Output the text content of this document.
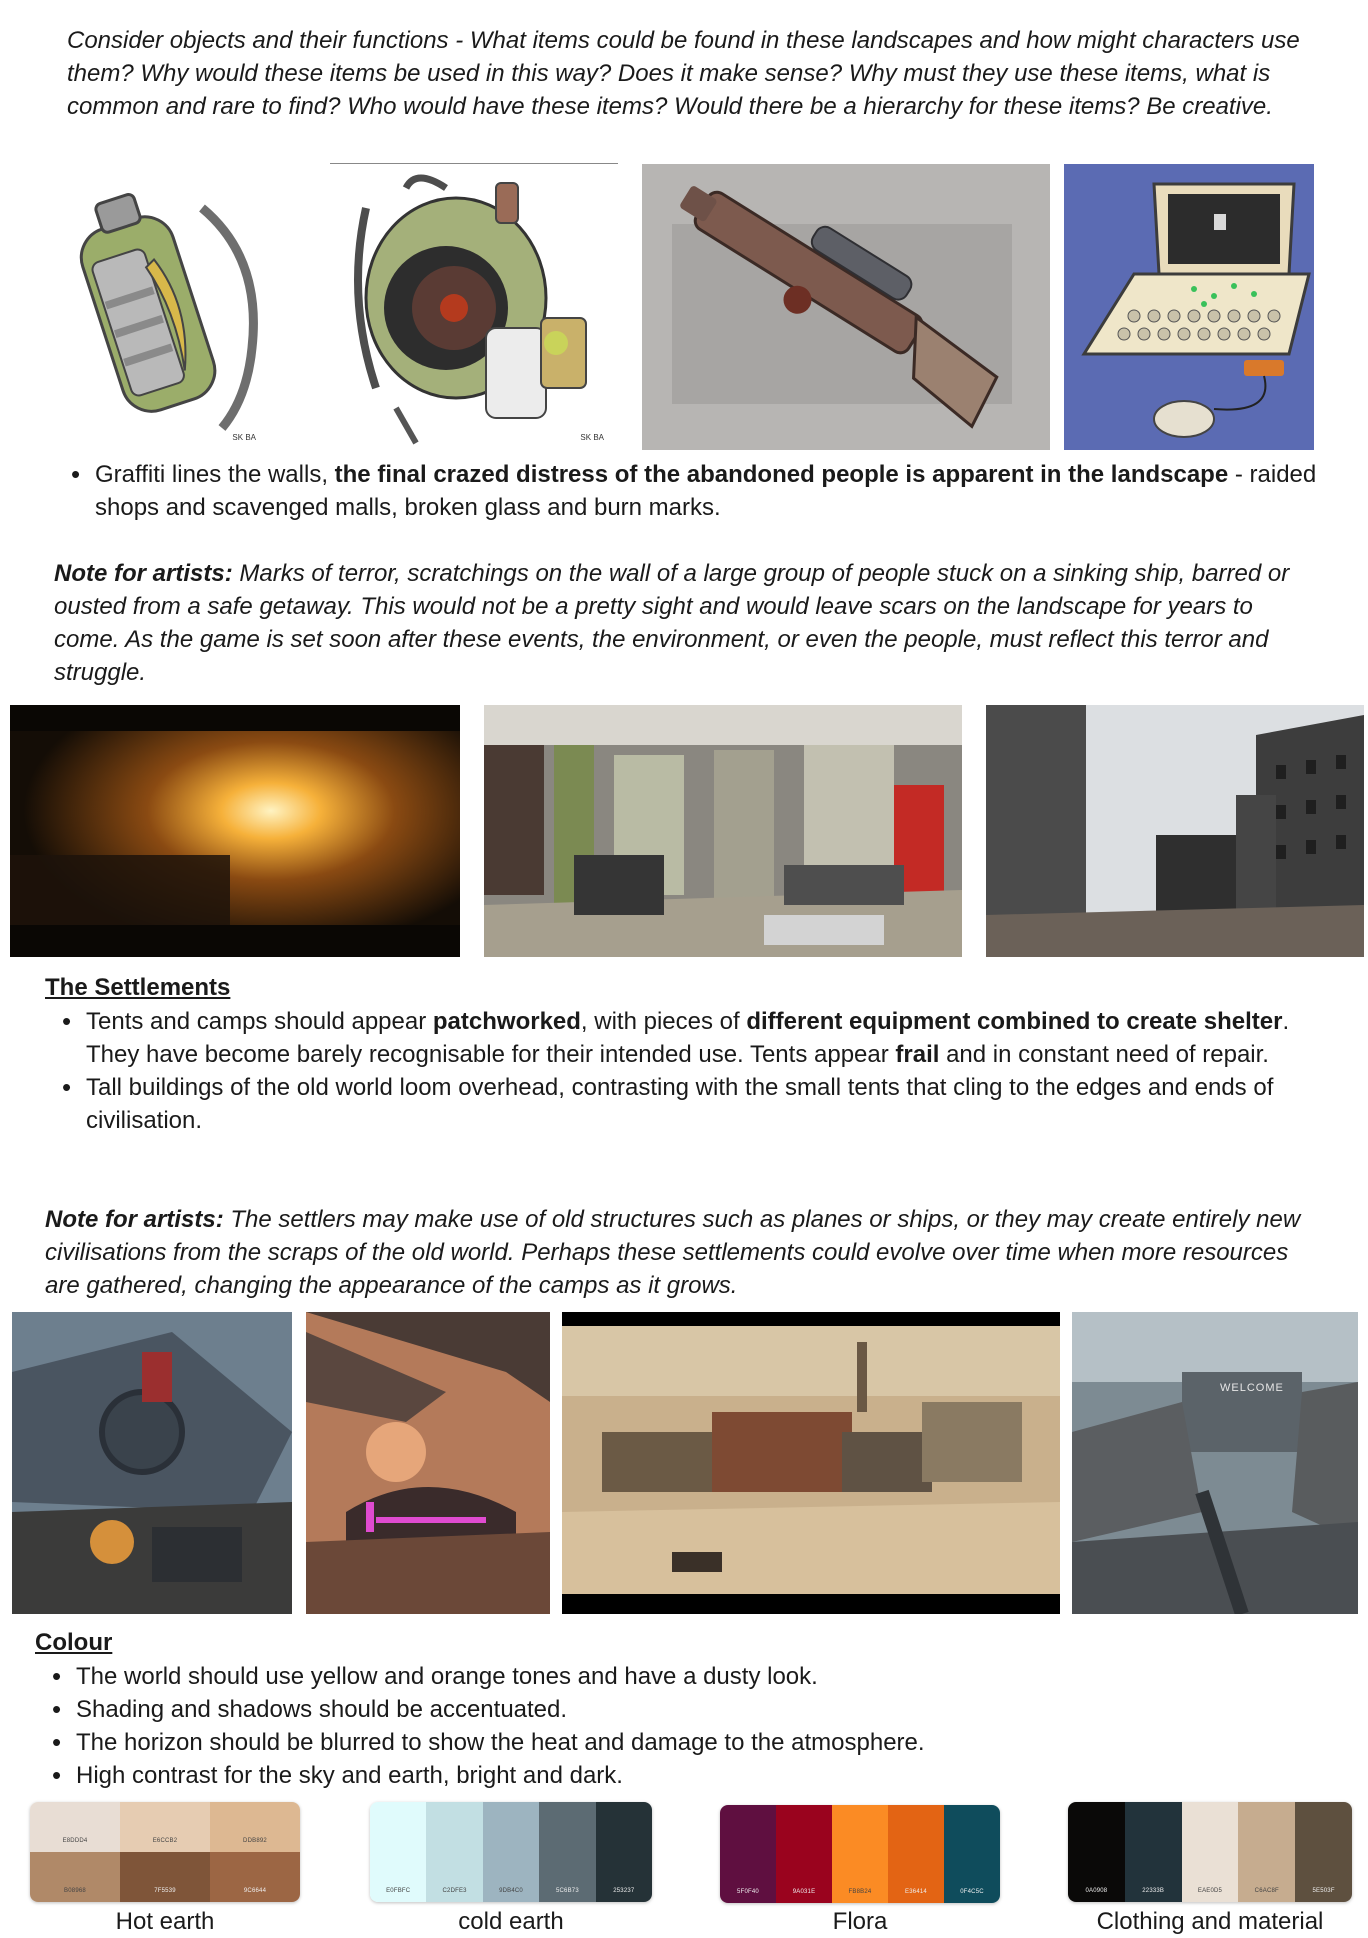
Consider objects and their functions - What items could be found in these landscapes and how might characters use them? Why would these items be used in this way? Does it make sense? Why must they use these items, what is common and rare to find? Who would have these items? Would there be a hierarchy for these items? Be creative.
SK BA	SK BA
• Graffiti lines the walls, the final crazed distress of the abandoned people is apparent in the landscape - raided shops and scavenged malls, broken glass and burn marks.
Note for artists: Marks of terror, scratchings on the wall of a large group of people stuck on a sinking ship, barred or ousted from a safe getaway. This would not be a pretty sight and would leave scars on the landscape for years to come. As the game is set soon after these events, the environment, or even the people, must reflect this terror and struggle.
The Settlements
• Tents and camps should appear patchworked, with pieces of different equipment combined to create shelter. They have become barely recognisable for their intended use. Tents appear frail and in constant need of repair.
• Tall buildings of the old world loom overhead, contrasting with the small tents that cling to the edges and ends of civilisation.
Note for artists: The settlers may make use of old structures such as planes or ships, or they may create entirely new civilisations from the scraps of the old world. Perhaps these settlements could evolve over time when more resources are gathered, changing the appearance of the camps as it grows.
WELCOME
Colour
• The world should use yellow and orange tones and have a dusty look.
• Shading and shadows should be accentuated.
• The horizon should be blurred to show the heat and damage to the atmosphere.
• High contrast for the sky and earth, bright and dark.
E8DDD4	E6CCB2	DDB892
B08968	7F5539	9C6644
Hot earth
E0FBFC	C2DFE3	9DB4C0	5C6B73	253237
cold earth
5F0F40	9A031E	FB8B24	E36414	0F4C5C
Flora
0A0908	22333B	EAE0D5	C6AC8F	5E503F
Clothing and material
